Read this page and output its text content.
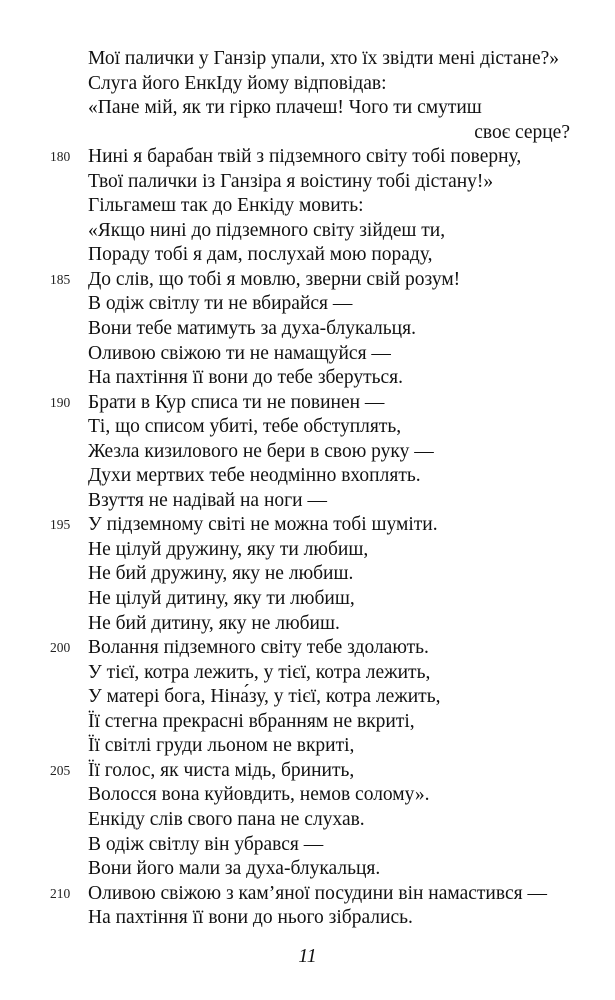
Мої палички у Ганзір упали, хто їх звідти мені дістане?»
Слуга його ЕнкІду йому відповідав:
«Пане мій, як ти гірко плачеш! Чого ти смутиш
своє серце?
180 Нині я барабан твій з підземного світу тобі поверну,
Твої палички із Ганзіра я воістину тобі дістану!»
Гільгамеш так до Енкіду мовить:
«Якщо нині до підземного світу зійдеш ти,
Пораду тобі я дам, послухай мою пораду,
185 До слів, що тобі я мовлю, зверни свій розум!
В одіж світлу ти не вбирайся —
Вони тебе матимуть за духа-блукальця.
Оливою свіжою ти не намащуйся —
На пахтіння її вони до тебе зберуться.
190 Брати в Кур списа ти не повинен —
Ті, що списом убиті, тебе обступлять,
Жезла кизилового не бери в свою руку —
Духи мертвих тебе неодмінно вхоплять.
Взуття не надівай на ноги —
195 У підземному світі не можна тобі шуміти.
Не цілуй дружину, яку ти любиш,
Не бий дружину, яку не любиш.
Не цілуй дитину, яку ти любиш,
Не бий дитину, яку не любиш.
200 Волання підземного світу тебе здолають.
У тієї, котра лежить, у тієї, котра лежить,
У матері бога, Ніна́зу, у тієї, котра лежить,
Її стегна прекрасні вбранням не вкриті,
Її світлі груди льоном не вкриті,
205 Її голос, як чиста мідь, бринить,
Волосся вона куйовдить, немов солому».
Енкіду слів свого пана не слухав.
В одіж світлу він убрався —
Вони його мали за духа-блукальця.
210 Оливою свіжою з кам’яної посудини він намастився —
На пахтіння її вони до нього зібрались.
11
